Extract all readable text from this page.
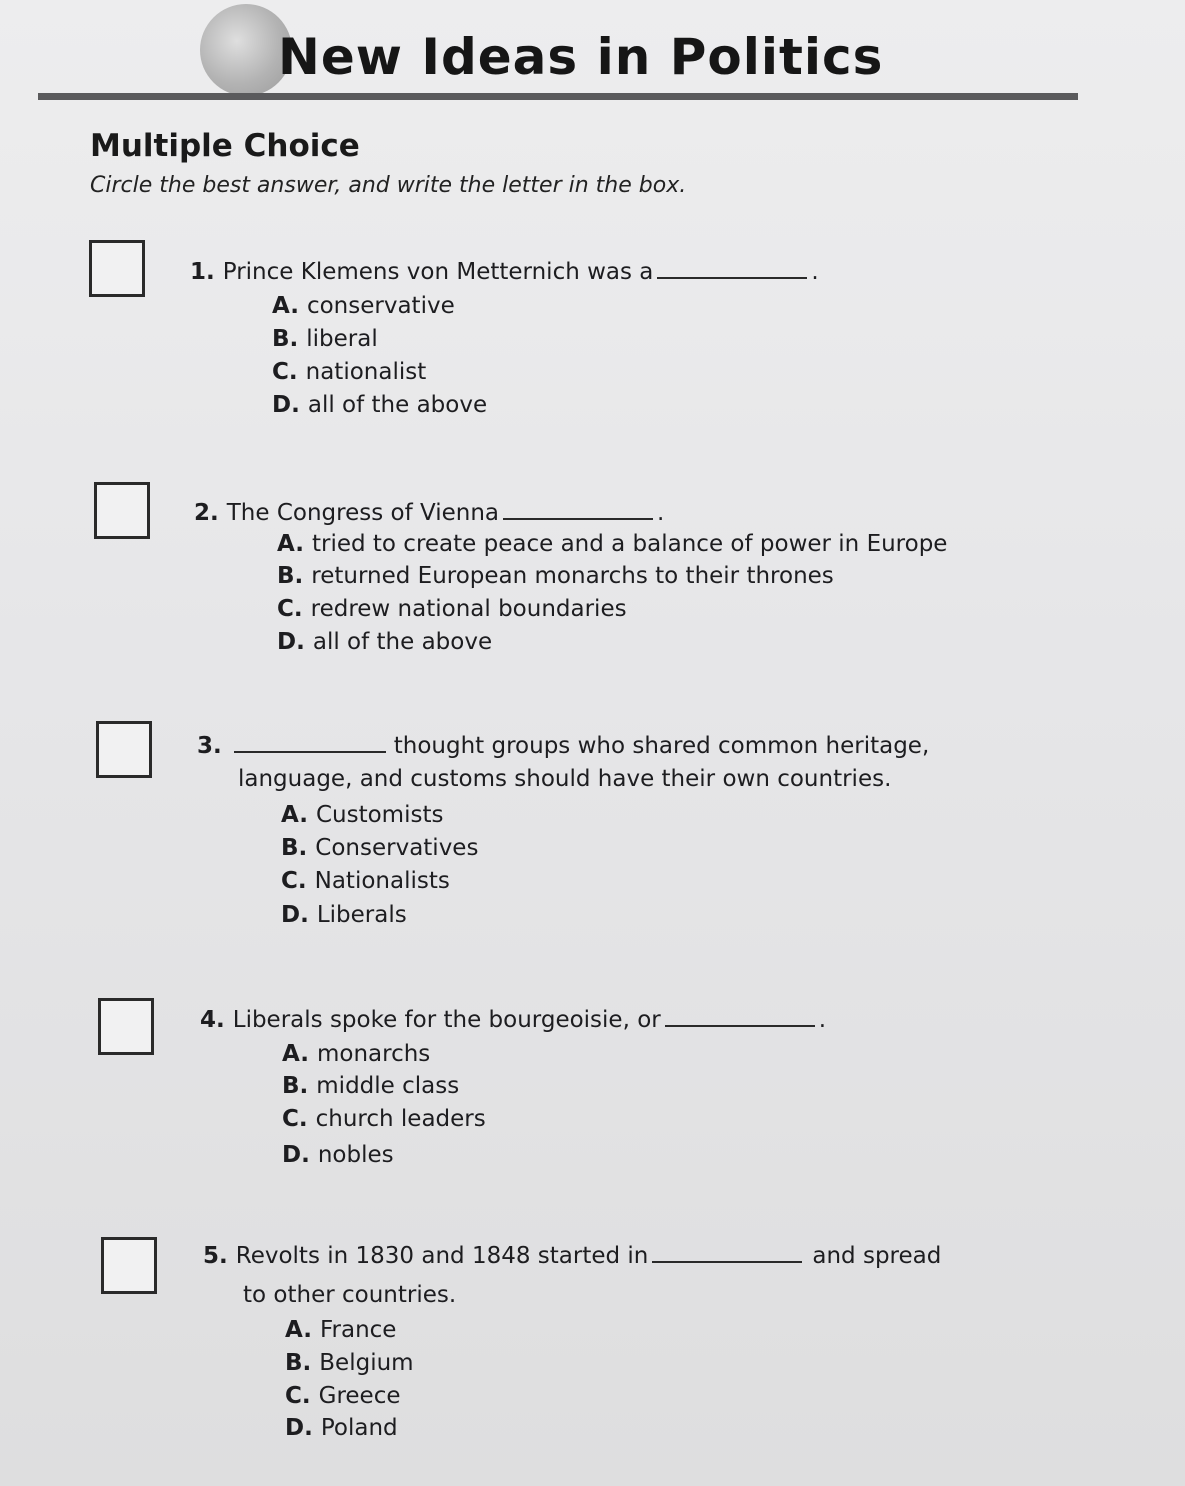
New Ideas in Politics
Multiple Choice

Circle the best answer, and write the letter in the box.

1. Prince Klemens von Metternich was a	.
A. conservative
B. liberal
C. nationalist
D. all of the above
2. The Congress of Vienna	.
A. tried to create peace and a balance of power in Europe
B. returned European monarchs to their thrones
C. redrew national boundaries
D. all of the above
3.	thought groups who shared common heritage,
language, and customs should have their own countries.
A. Customists
B. Conservatives
C. Nationalists
D. Liberals
4. Liberals spoke for the bourgeoisie, or	.
A. monarchs
B. middle class
C. church leaders
D. nobles
5. Revolts in 1830 and 1848 started in	and spread
to other countries.
A. France
B. Belgium
C. Greece
D. Poland
